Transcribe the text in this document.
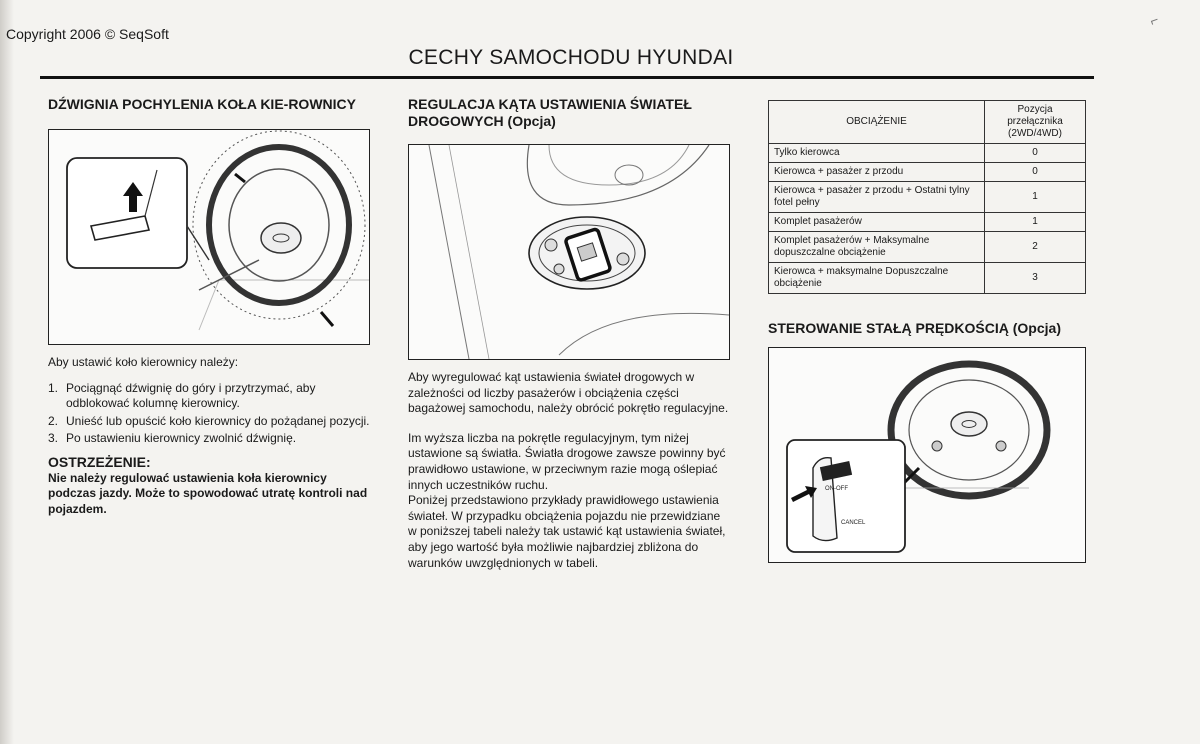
⌐
Copyright 2006 © SeqSoft
CECHY SAMOCHODU HYUNDAI
DŹWIGNIA POCHYLENIA KOŁA KIE-ROWNICY

Aby ustawić koło kierownicy należy:

1. Pociągnąć dźwignię do góry i przytrzymać, aby odblokować kolumnę kierownicy.
2. Unieść lub opuścić koło kierownicy do pożądanej pozycji.
3. Po ustawieniu kierownicy zwolnić dźwignię.
OSTRZEŻENIE:

Nie należy regulować ustawienia koła kierownicy podczas jazdy. Może to spowodować utratę kontroli nad pojazdem.

REGULACJA KĄTA USTAWIENIA ŚWIATEŁ DROGOWYCH (Opcja)

Aby wyregulować kąt ustawienia świateł drogowych w zależności od liczby pasażerów i obciążenia części bagażowej samochodu, należy obrócić pokrętło regulacyjne.

Im wyższa liczba na pokrętle regulacyjnym, tym niżej ustawione są światła. Światła drogowe zawsze powinny być prawidłowo ustawione, w przeciwnym razie mogą oślepiać innych uczestników ruchu.

Poniżej przedstawiono przykłady prawidłowego ustawienia świateł. W przypadku obciążenia pojazdu nie przewidziane w poniższej tabeli należy tak ustawić kąt ustawienia świateł, aby jego wartość była możliwie najbardziej zbliżona do warunków uwzględnionych w tabeli.

OBCIĄŻENIE	Pozycja przełącznika (2WD/4WD)
Tylko kierowca	0
Kierowca + pasażer z przodu	0
Kierowca + pasażer z przodu + Ostatni tylny fotel pełny	1
Komplet pasażerów	1
Komplet pasażerów + Maksymalne dopuszczalne obciążenie	2
Kierowca + maksymalne Dopuszczalne obciążenie	3
STEROWANIE STAŁĄ PRĘDKOŚCIĄ (Opcja)
ON-OFF
CANCEL
